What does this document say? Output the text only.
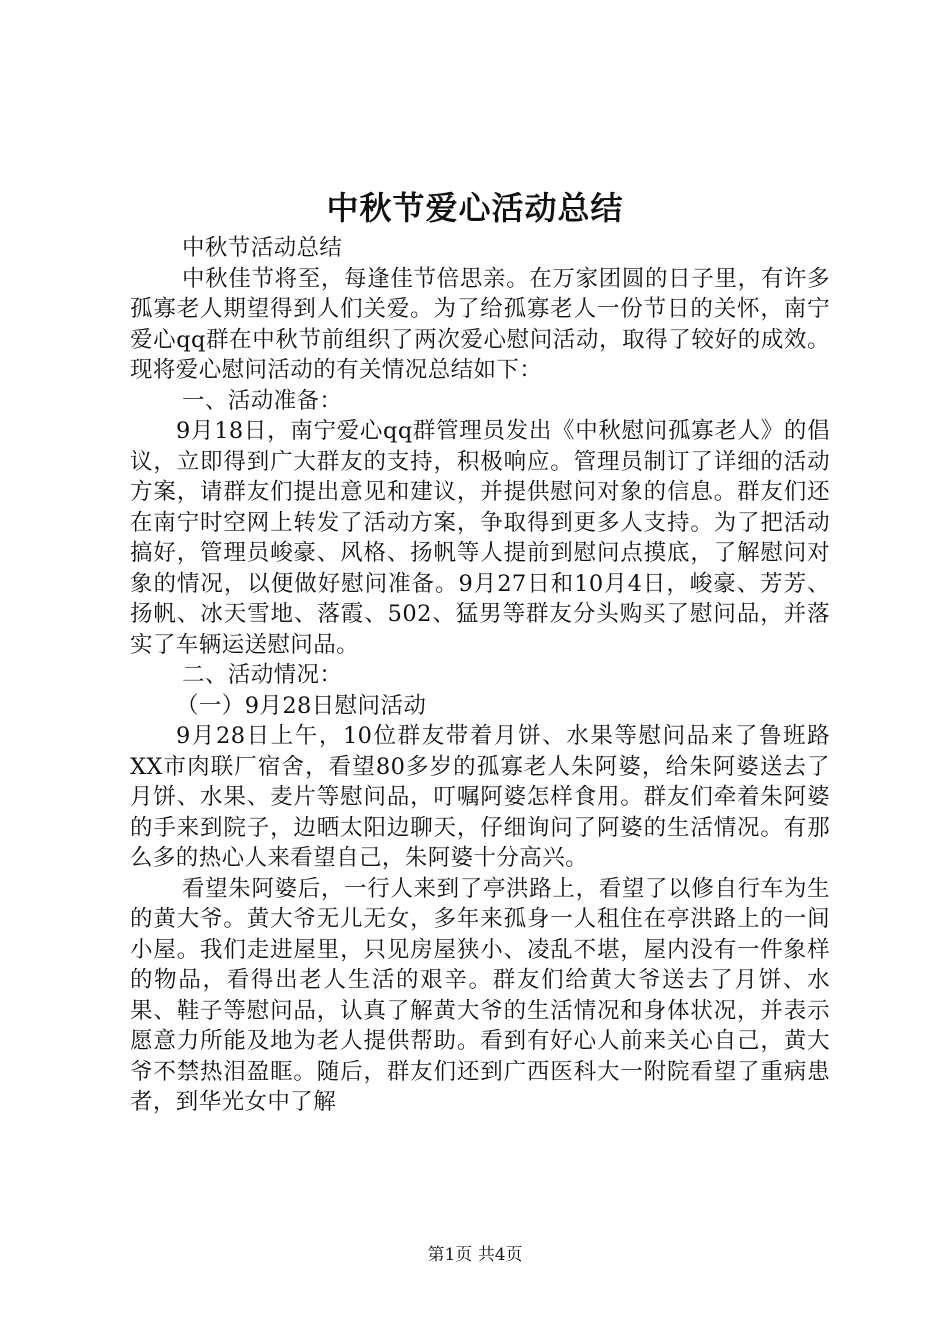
中秋节爱心活动总结

中秋节活动总结

中秋佳节将至，每逢佳节倍思亲。在万家团圆的日子里，有许多孤寡老人期望得到人们关爱。为了给孤寡老人一份节日的关怀，南宁爱心qq群在中秋节前组织了两次爱心慰问活动，取得了较好的成效。现将爱心慰问活动的有关情况总结如下：

一、活动准备：

9月18日，南宁爱心qq群管理员发出《中秋慰问孤寡老人》的倡议，立即得到广大群友的支持，积极响应。管理员制订了详细的活动方案，请群友们提出意见和建议，并提供慰问对象的信息。群友们还在南宁时空网上转发了活动方案，争取得到更多人支持。为了把活动搞好，管理员峻豪、风格、扬帆等人提前到慰问点摸底，了解慰问对象的情况，以便做好慰问准备。9月27日和10月4日，峻豪、芳芳、扬帆、冰天雪地、落霞、502、猛男等群友分头购买了慰问品，并落实了车辆运送慰问品。

二、活动情况：

（一）9月28日慰问活动

9月28日上午，10位群友带着月饼、水果等慰问品来了鲁班路XX市肉联厂宿舍，看望80多岁的孤寡老人朱阿婆，给朱阿婆送去了月饼、水果、麦片等慰问品，叮嘱阿婆怎样食用。群友们牵着朱阿婆的手来到院子，边晒太阳边聊天，仔细询问了阿婆的生活情况。有那么多的热心人来看望自己，朱阿婆十分高兴。

看望朱阿婆后，一行人来到了亭洪路上，看望了以修自行车为生的黄大爷。黄大爷无儿无女，多年来孤身一人租住在亭洪路上的一间小屋。我们走进屋里，只见房屋狭小、凌乱不堪，屋内没有一件象样的物品，看得出老人生活的艰辛。群友们给黄大爷送去了月饼、水果、鞋子等慰问品，认真了解黄大爷的生活情况和身体状况，并表示愿意力所能及地为老人提供帮助。看到有好心人前来关心自己，黄大爷不禁热泪盈眶。随后，群友们还到广西医科大一附院看望了重病患者，到华光女中了解

第1页 共4页
